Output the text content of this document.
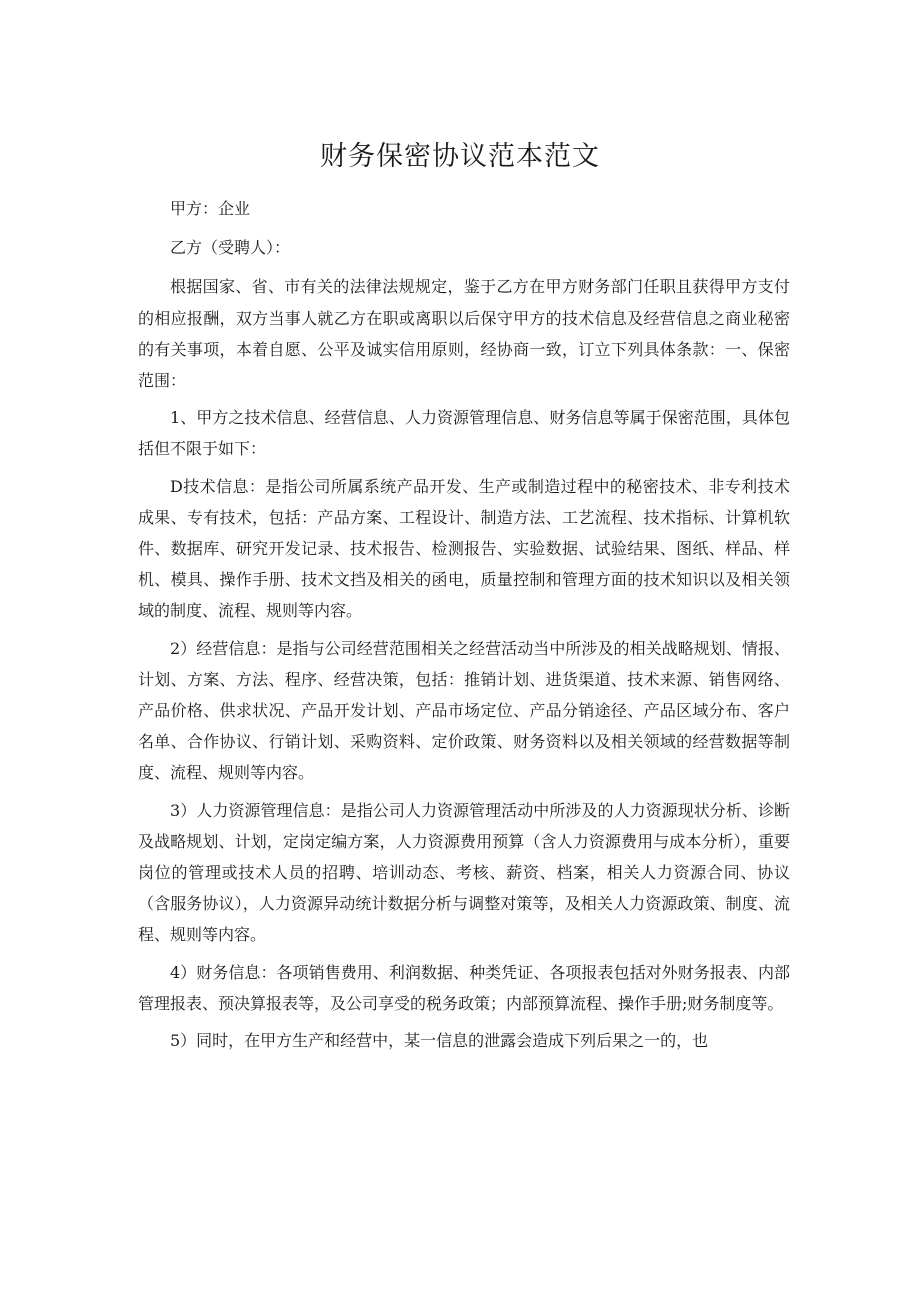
财务保密协议范本范文

甲方：企业

乙方（受聘人）：

根据国家、省、市有关的法律法规规定，鉴于乙方在甲方财务部门任职且获得甲方支付的相应报酬，双方当事人就乙方在职或离职以后保守甲方的技术信息及经营信息之商业秘密的有关事项，本着自愿、公平及诚实信用原则，经协商一致，订立下列具体条款：一、保密范围：

1、甲方之技术信息、经营信息、人力资源管理信息、财务信息等属于保密范围，具体包括但不限于如下：

D技术信息：是指公司所属系统产品开发、生产或制造过程中的秘密技术、非专利技术成果、专有技术，包括：产品方案、工程设计、制造方法、工艺流程、技术指标、计算机软件、数据库、研究开发记录、技术报告、检测报告、实验数据、试验结果、图纸、样品、样机、模具、操作手册、技术文挡及相关的函电，质量控制和管理方面的技术知识以及相关领域的制度、流程、规则等内容。

2）经营信息：是指与公司经营范围相关之经营活动当中所涉及的相关战略规划、情报、计划、方案、方法、程序、经营决策，包括：推销计划、进货渠道、技术来源、销售网络、产品价格、供求状况、产品开发计划、产品市场定位、产品分销途径、产品区域分布、客户名单、合作协议、行销计划、采购资料、定价政策、财务资料以及相关领域的经营数据等制度、流程、规则等内容。

3）人力资源管理信息：是指公司人力资源管理活动中所涉及的人力资源现状分析、诊断及战略规划、计划，定岗定编方案，人力资源费用预算（含人力资源费用与成本分析），重要岗位的管理或技术人员的招聘、培训动态、考核、薪资、档案，相关人力资源合同、协议（含服务协议），人力资源异动统计数据分析与调整对策等，及相关人力资源政策、制度、流程、规则等内容。

4）财务信息：各项销售费用、利润数据、种类凭证、各项报表包括对外财务报表、内部管理报表、预决算报表等，及公司享受的税务政策；内部预算流程、操作手册;财务制度等。

5）同时，在甲方生产和经营中，某一信息的泄露会造成下列后果之一的，也
